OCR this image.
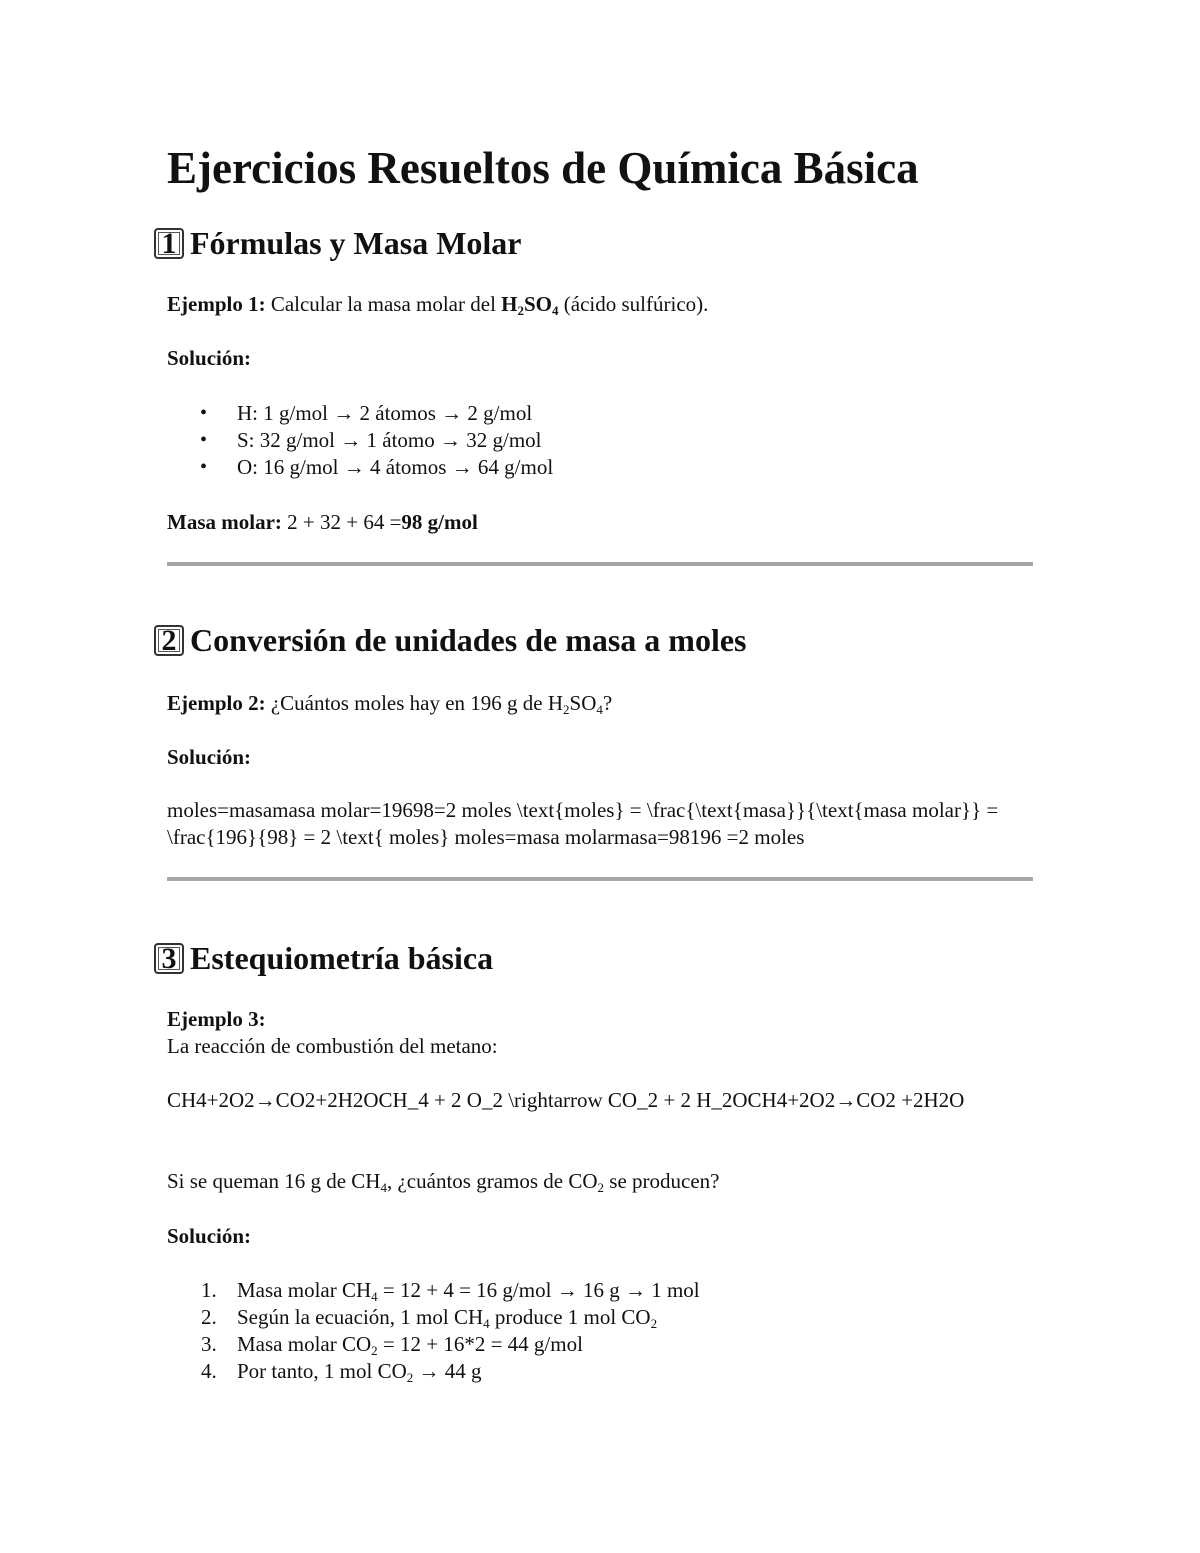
Ejercicios Resueltos de Química Básica
1 Fórmulas y Masa Molar
Ejemplo 1: Calcular la masa molar del $H_2SO_4$ (ácido sulfúrico).
Solución:
• H: 1 g/mol → 2 átomos → 2 g/mol
• S: 32 g/mol → 1 átomo → 32 g/mol
• O: 16 g/mol → 4 átomos → 64 g/mol
Masa molar: 2 + 32 + 64 =98 g/mol
2 Conversión de unidades de masa a moles
Ejemplo 2: ¿Cuántos moles hay en 196 g de $H_2SO_4$?
Solución:
moles=masamasa molar=19698=2 moles \text{moles} = \frac{\text{masa}}{\text{masa molar}} = \frac{196}{98} = 2 \text{ moles} moles=masa molarmasa=98196 =2 moles
3 Estequiometría básica
Ejemplo 3:
La reacción de combustión del metano:
CH4+2O2→CO2+2H2OCH_4 + 2 O_2 \rightarrow CO_2 + 2 H_2OCH4+2O2→CO2 +2H2O
Si se queman 16 g de $CH_4$, ¿cuántos gramos de $CO_2$ se producen?
Solución:
1. Masa molar $CH_4 = 12 + 4 = 16$ g/mol → 16 g → 1 mol
2. Según la ecuación, 1 mol $CH_4$ produce 1 mol $CO_2$
3. Masa molar $CO_2 = 12 + 16*2 = 44$ g/mol
4. Por tanto, 1 mol $CO_2 \to 44$ g
